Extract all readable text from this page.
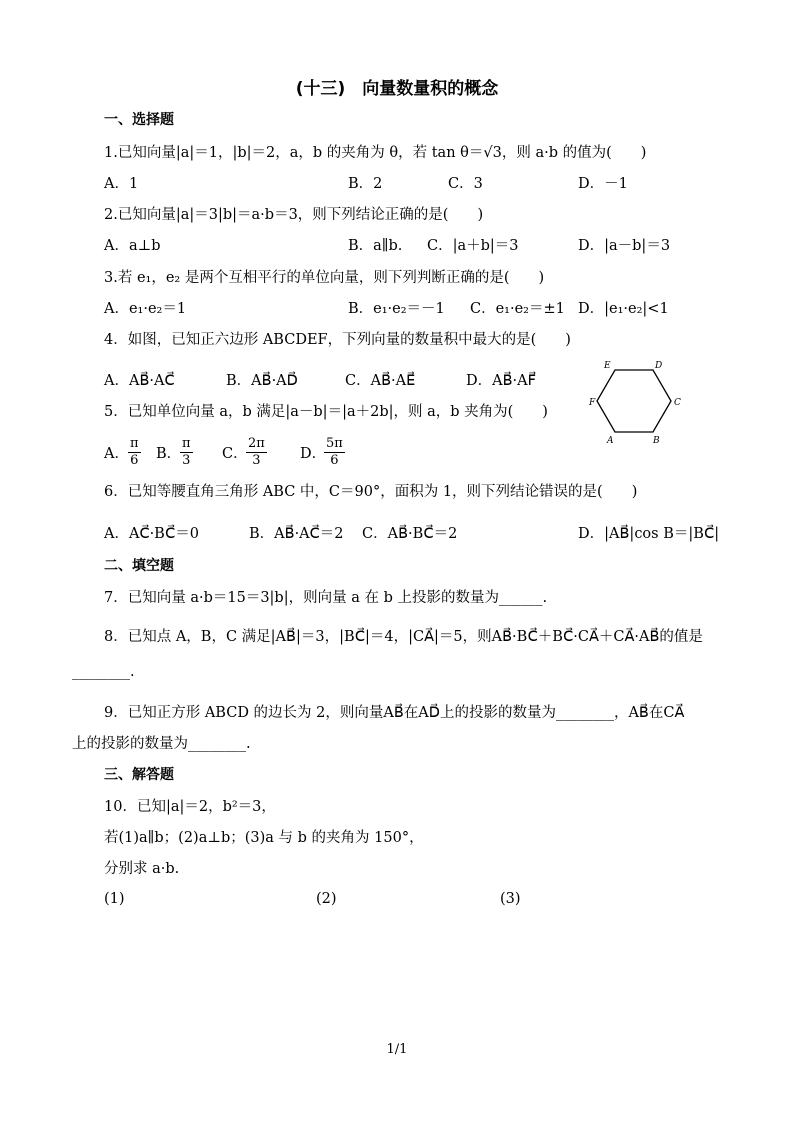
(十三)　向量数量积的概念
一、选择题
1.已知向量|a|＝1，|b|＝2，a，b 的夹角为 θ，若 tan θ＝√3，则 a·b 的值为(　　)
A．1	B．2	C．3	D．－1
2.已知向量|a|＝3|b|＝a·b＝3，则下列结论正确的是(　　)
A．a⊥b	B．a∥b. C．|a＋b|＝3	D．|a－b|＝3
3.若 e₁，e₂ 是两个互相平行的单位向量，则下列判断正确的是(　　)
A．e₁·e₂＝1	B．e₁·e₂＝－1 C．e₁·e₂＝±1 D．|e₁·e₂|<1
4．如图，已知正六边形 ABCDEF，下列向量的数量积中最大的是(　　)
A．AB⃗·AC⃗	B．AB⃗·AD⃗	C．AB⃗·AE⃗	D．AB⃗·AF⃗
E	D
F	C
A	B
5．已知单位向量 a，b 满足|a－b|＝|a＋2b|，则 a，b 夹角为(　　)
A． $\frac{\pi}{6}$ B．
$\frac{\pi}{3}$ C．
$\frac{2\pi}{3}$ D．
$\frac{5\pi}{6}$
6．已知等腰直角三角形 ABC 中，C＝90°，面积为 1，则下列结论错误的是(　　)
A．AC⃗·BC⃗＝0	B．AB⃗·AC⃗＝2 C．AB⃗·BC⃗＝2	D．|AB⃗|cos B＝|BC⃗|
二、填空题
7．已知向量 a·b＝15＝3|b|，则向量 a 在 b 上投影的数量为______.
8．已知点 A，B，C 满足|AB⃗|＝3，|BC⃗|＝4，|CA⃗|＝5，则AB⃗·BC⃗＋BC⃗·CA⃗＋CA⃗·AB⃗的值是
________.
9．已知正方形 ABCD 的边长为 2，则向量AB⃗在AD⃗上的投影的数量为________，AB⃗在CA⃗
上的投影的数量为________.
三、解答题
10．已知|a|＝2，b²＝3，
若(1)a∥b；(2)a⊥b；(3)a 与 b 的夹角为 150°，
分别求 a·b.
(1)	(2)	(3)
1/1
